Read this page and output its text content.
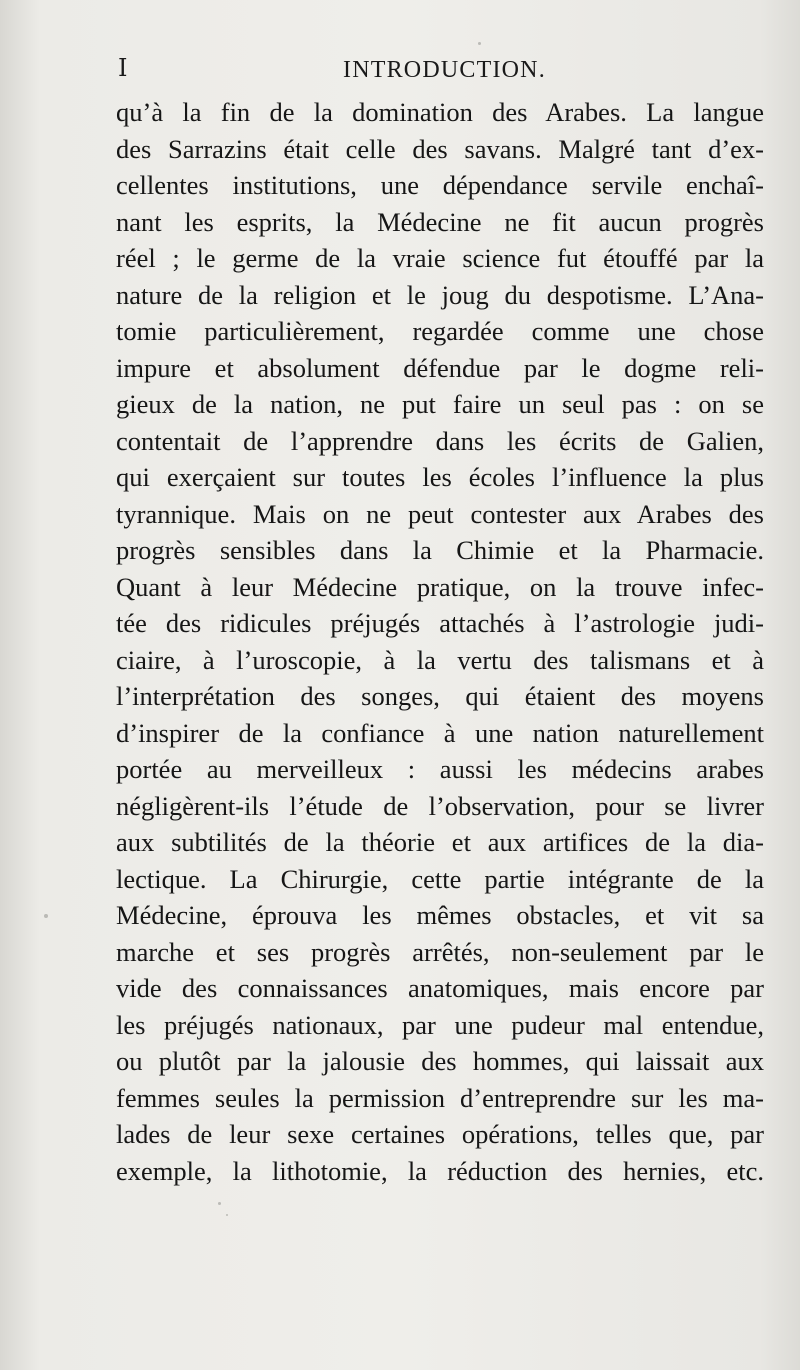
I	INTRODUCTION.
qu’à la fin de la domination des Arabes. La langue
des Sarrazins était celle des savans. Malgré tant d’ex-
cellentes institutions, une dépendance servile enchaî-
nant les esprits, la Médecine ne fit aucun progrès
réel ; le germe de la vraie science fut étouffé par la
nature de la religion et le joug du despotisme. L’Ana-
tomie particulièrement, regardée comme une chose
impure et absolument défendue par le dogme reli-
gieux de la nation, ne put faire un seul pas : on se
contentait de l’apprendre dans les écrits de Galien,
qui exerçaient sur toutes les écoles l’influence la plus
tyrannique. Mais on ne peut contester aux Arabes des
progrès sensibles dans la Chimie et la Pharmacie.
Quant à leur Médecine pratique, on la trouve infec-
tée des ridicules préjugés attachés à l’astrologie judi-
ciaire, à l’uroscopie, à la vertu des talismans et à
l’interprétation des songes, qui étaient des moyens
d’inspirer de la confiance à une nation naturellement
portée au merveilleux : aussi les médecins arabes
négligèrent-ils l’étude de l’observation, pour se livrer
aux subtilités de la théorie et aux artifices de la dia-
lectique. La Chirurgie, cette partie intégrante de la
Médecine, éprouva les mêmes obstacles, et vit sa
marche et ses progrès arrêtés, non-seulement par le
vide des connaissances anatomiques, mais encore par
les préjugés nationaux, par une pudeur mal entendue,
ou plutôt par la jalousie des hommes, qui laissait aux
femmes seules la permission d’entreprendre sur les ma-
lades de leur sexe certaines opérations, telles que, par
exemple, la lithotomie, la réduction des hernies, etc.
